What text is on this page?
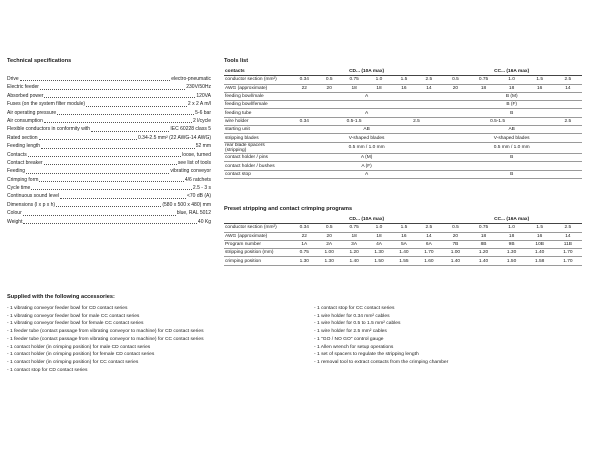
Technical specifications
Drive	electro-pneumatic
Electric feeder	230V/50Hz
Absorbed power	120VA
Fuses (on the system filter module)	2 x 2 A m/l
Air operating pressure	5-6 bar
Air consumption	2 l/cycle
Flexible conductors in conformity with	IEC 60228 class 5
Rated section	0.34-2.5 mm² (22 AWG-14 AWG)
Feeding length	52 mm
Contacts	loose, turned
Contact breaker	see list of tools
Feeding	vibrating conveyor
Crimping form	4/6 ratchets
Cycle time	2.5 - 3 s
Continuous sound level	<70 dB (A)
Dimensions (l x p x h)	(580 x 500 x 480) mm
Colour	blue, RAL 5012
Weight	40 Kg
Tools list
contacts	CD... (10A max)						CC... (16A max)				
conductor section (mm²)	0.34	0.5	0.75	1.0	1.5	2.5	0.5	0.75	1.0	1.5	2.5
AWG (approximate)	22	20	18	18	16	14	20	18	18	16	14
feeding bowl/male	A						B (M)				
feeding bowl/female							B (F)				
feeding tube	A						B				
wire holder	0.34	0.5-1.5			2.5		0.5-1.5				2.5
starting unit	AB						AB				
stripping blades	V-shaped blades						V-shaped blades				
rear blade spacers
(stripping)	0.5 mm / 1.0 mm						0.5 mm / 1.0 mm				
contact holder / pins	A (M)						B				
contact holder / bushes	A (F)										
contact stop	A						B				
Preset stripping and contact crimping programs
	CD... (10A max)						CC... (16A max)				
conductor section (mm²)	0.34	0.5	0.75	1.0	1.5	2.5	0.5	0.75	1.0	1.5	2.5
AWG (approximate)	22	20	18	18	16	14	20	18	18	16	14
Program number	1A	2A	3A	4A	5A	6A	7B	8B	9B	10B	11B
stripping position (mm)	0.75	1.00	1.20	1.30	1.40	1.70	1.00	1.20	1.30	1.40	1.70
crimping position	1.30	1.30	1.40	1.50	1.55	1.60	1.40	1.40	1.50	1.58	1.70
Supplied with the following accessories:
- 1 vibrating conveyor feeder bowl for CD contact series
- 1 vibrating conveyor feeder bowl for male CC contact series
- 1 vibrating conveyor feeder bowl for female CC contact series
- 1 feeder tube (contact passage from vibrating conveyor to machine) for CD contact series
- 1 feeder tube (contact passage from vibrating conveyor to machine) for CC contact series
- 1 contact holder (in crimping position) for male CD contact series
- 1 contact holder (in crimping position) for female CD contact series
- 1 contact holder (in crimping position) for CC contact series
- 1 contact stop for CD contact series
- 1 contact stop for CC contact series
- 1 wire holder for 0.34 mm² cables
- 1 wire holder for 0.5 to 1.5 mm² cables
- 1 wire holder for 2.5 mm² cables
- 1 "GO / NO GO" control gauge
- 1 Allen wrench for setup operations
- 1 set of spacers to regulate the stripping length
- 1 removal tool to extract contacts from the crimping chamber
